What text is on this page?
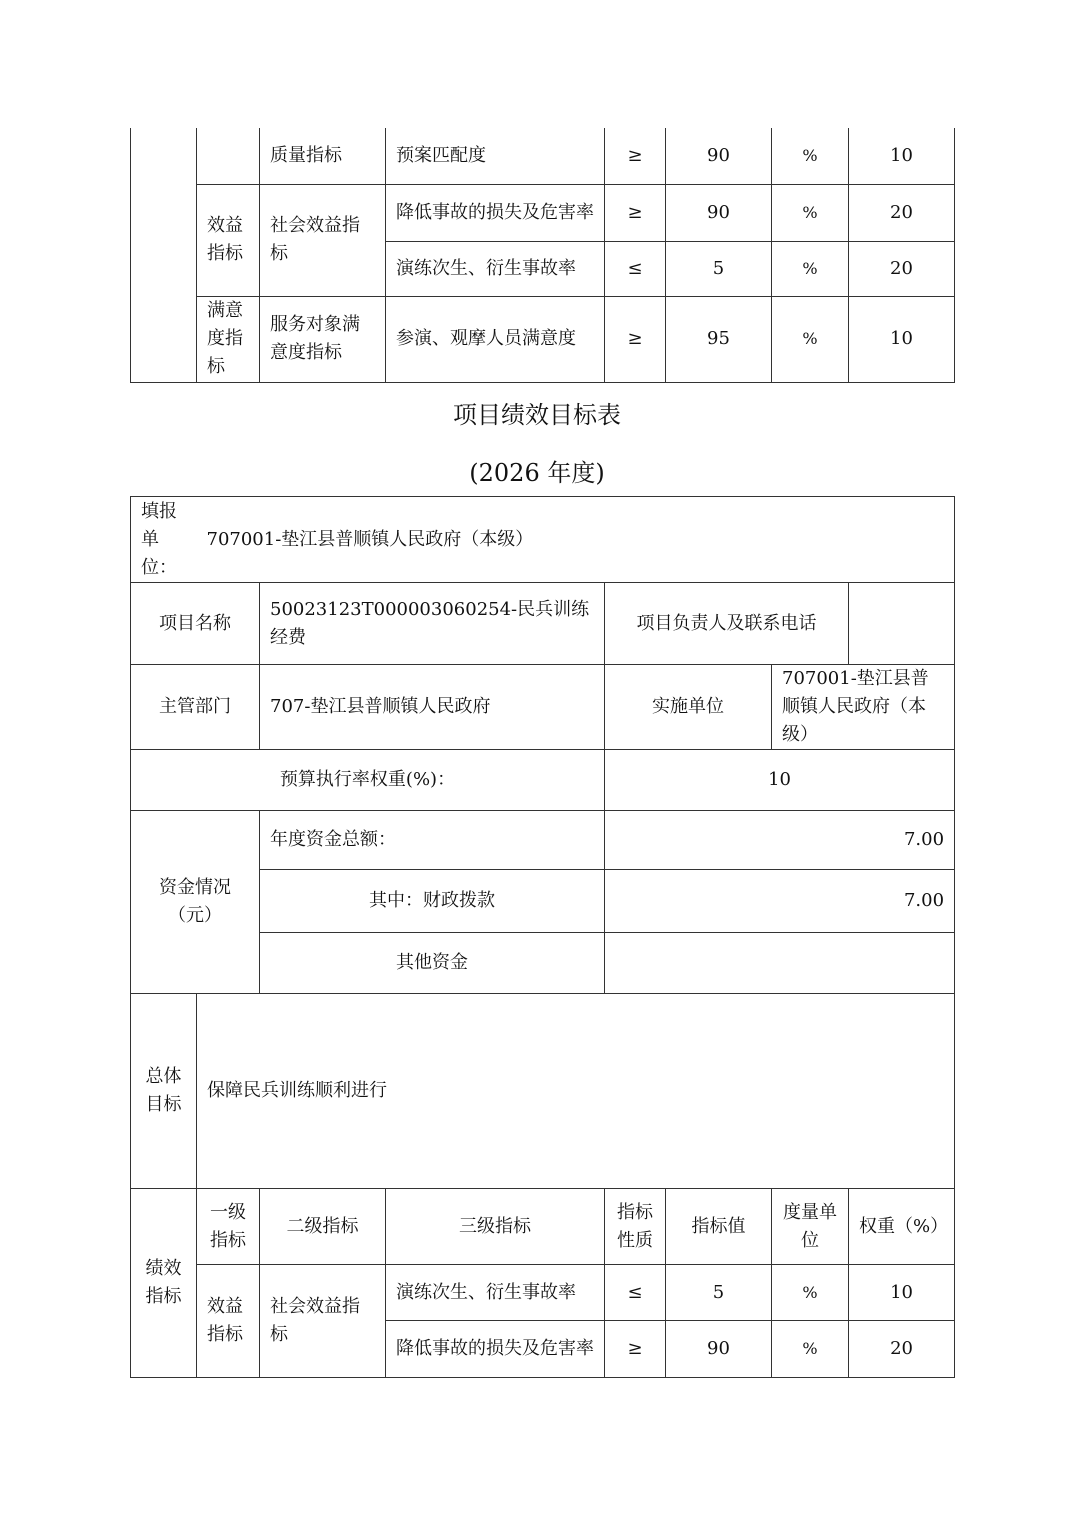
		质量指标	预案匹配度	≥	90	%	10
	效益指标	社会效益指标	降低事故的损失及危害率	≥	90	%	20
			演练次生、衍生事故率	≤	5	%	20
	满意度指标	服务对象满意度指标	参演、观摩人员满意度	≥	95	%	10
项目绩效目标表
(2026 年度)
填报单位：	707001-垫江县普顺镇人民政府（本级）						
项目名称		50023123T000003060254-民兵训练经费		项目负责人及联系电话			
主管部门		707-垫江县普顺镇人民政府		实施单位		707001-垫江县普顺镇人民政府（本级）	
预算执行率权重(%)：				10			
资金情况（元）		年度资金总额：		7.00			
		其中：财政拨款		7.00			
		其他资金					
总体目标	保障民兵训练顺利进行						
绩效指标	一级指标	二级指标	三级指标	指标性质	指标值	度量单位	权重（%）
	效益指标	社会效益指标	演练次生、衍生事故率	≤	5	%	10
			降低事故的损失及危害率	≥	90	%	20
